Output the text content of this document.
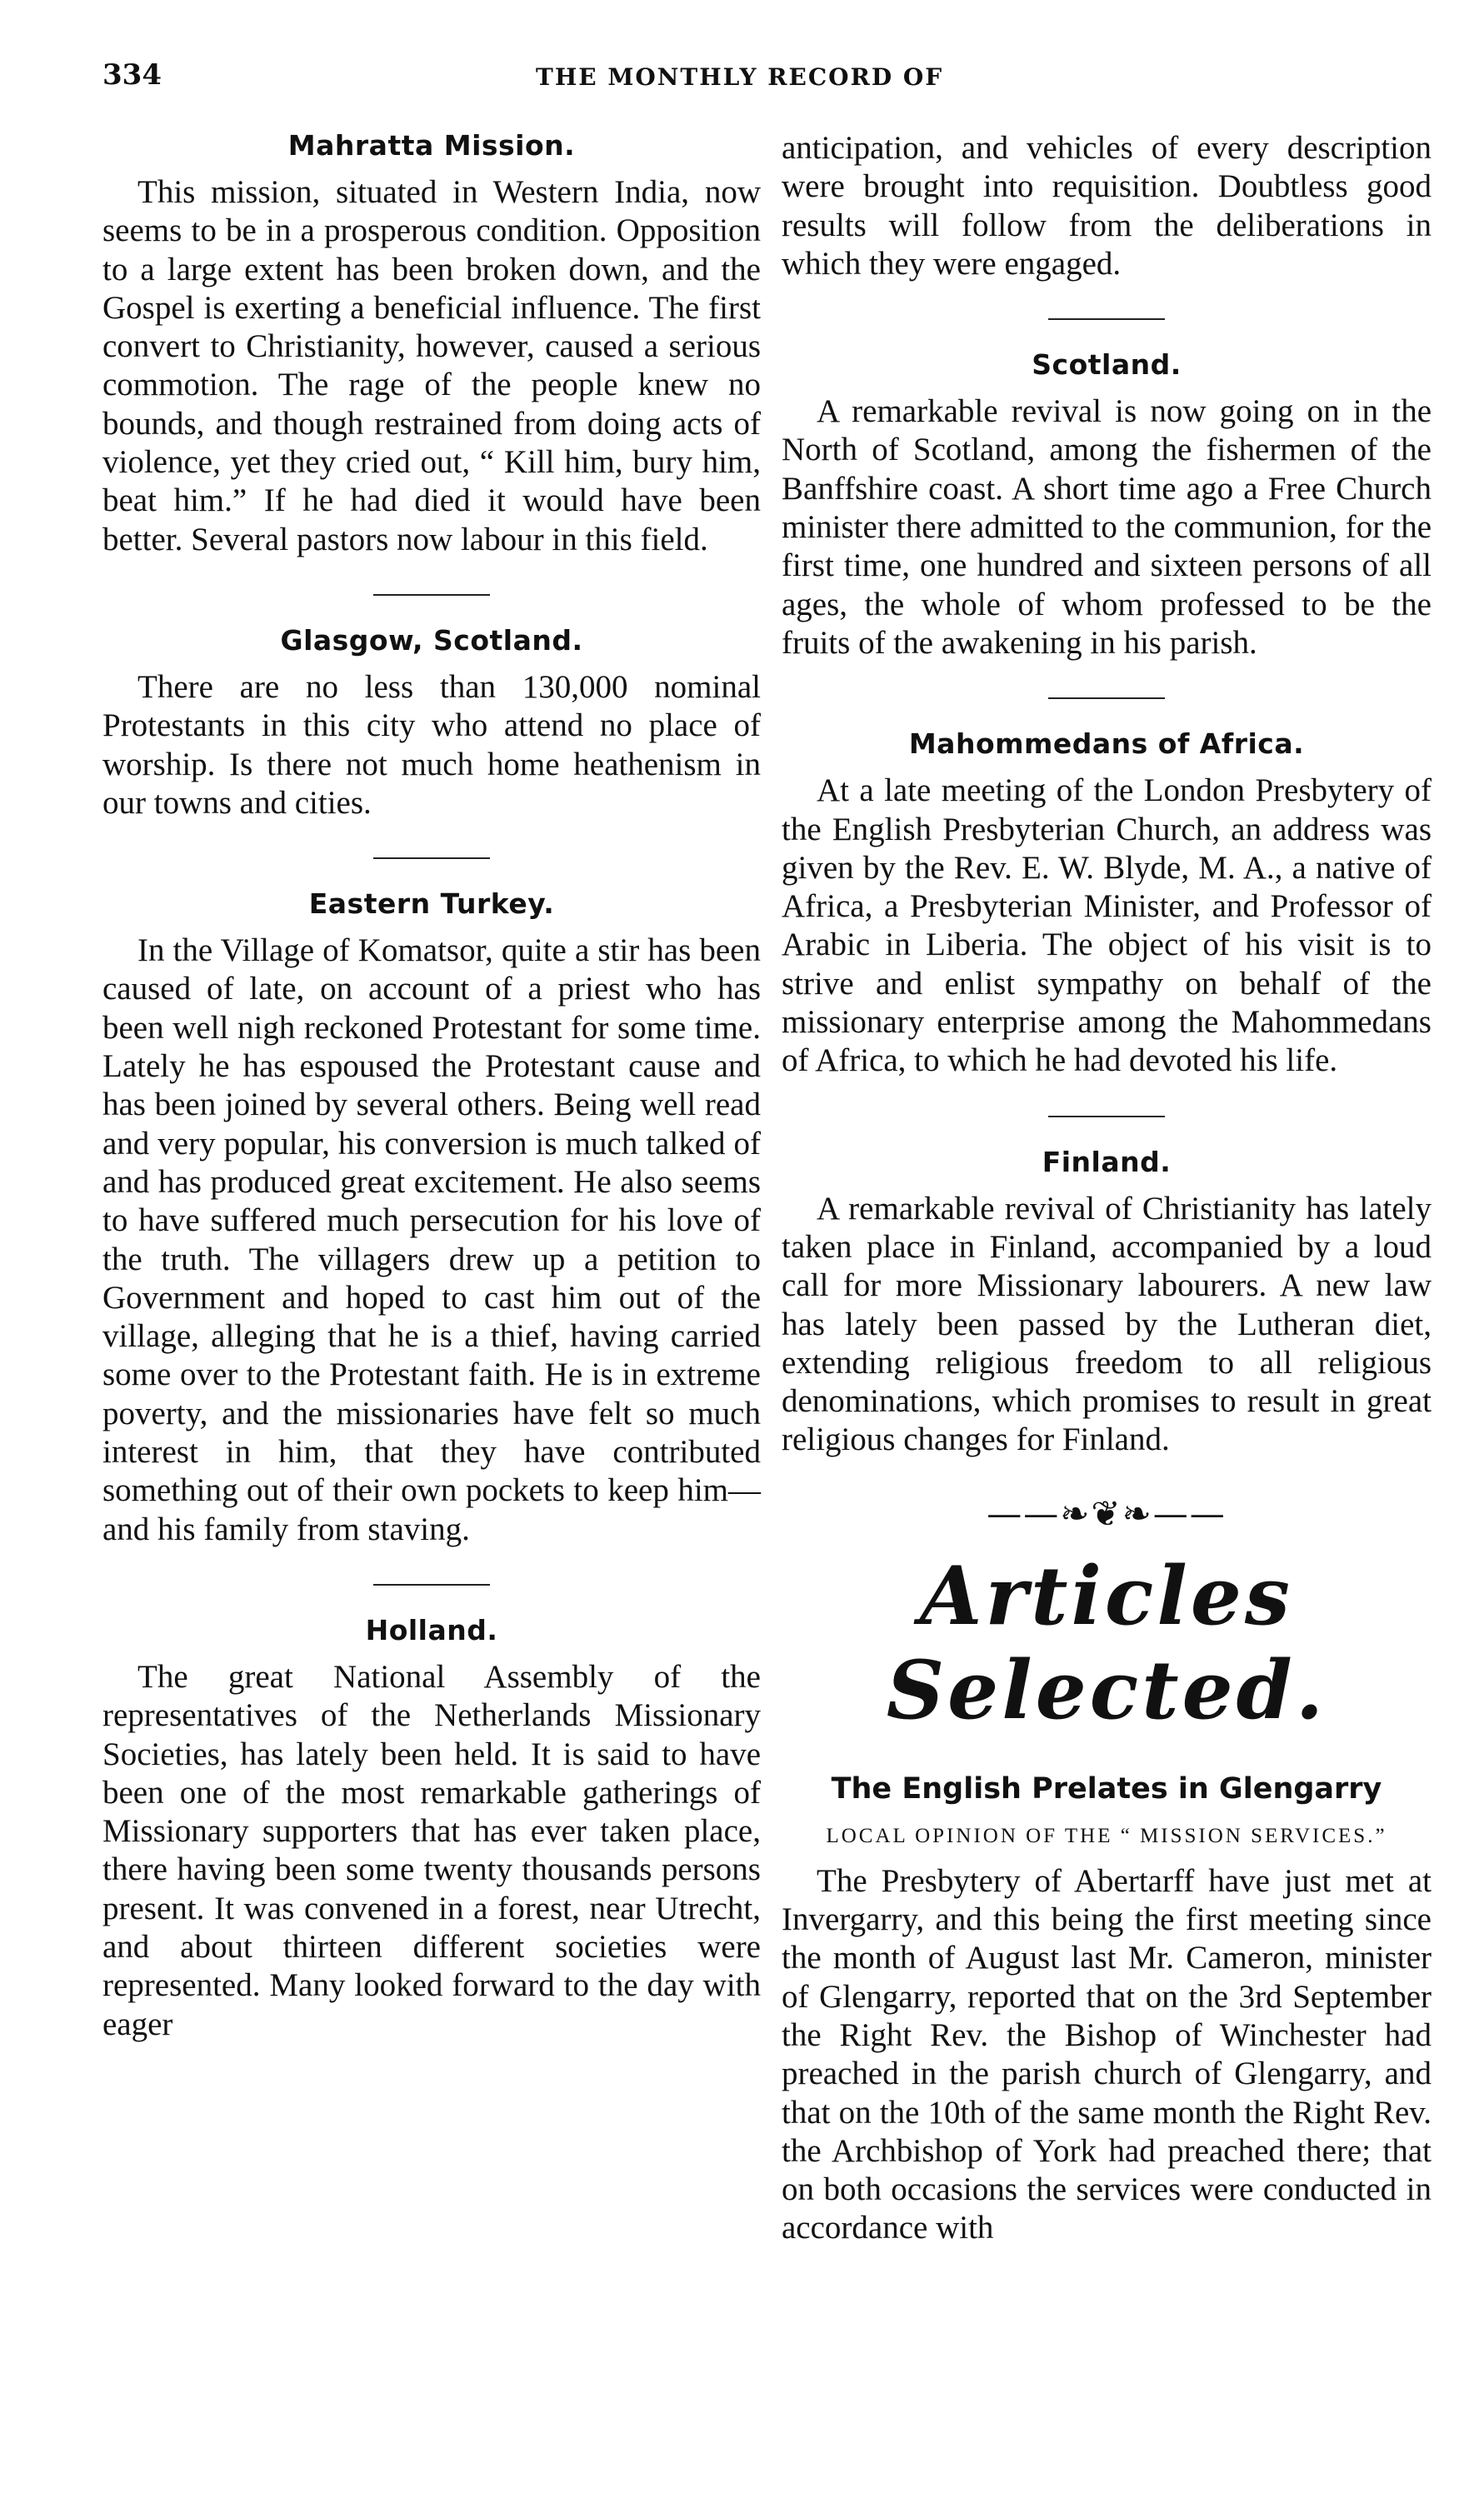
334	THE MONTHLY RECORD OF
Mahratta Mission.

This mission, situated in Western India, now seems to be in a prosperous condition. Opposition to a large extent has been broken down, and the Gospel is exerting a beneficial influence. The first convert to Christianity, however, caused a serious commotion. The rage of the people knew no bounds, and though restrained from doing acts of violence, yet they cried out, “ Kill him, bury him, beat him.” If he had died it would have been better. Several pastors now labour in this field.

Glasgow, Scotland.

There are no less than 130,000 nominal Protestants in this city who attend no place of worship. Is there not much home heathenism in our towns and cities.

Eastern Turkey.

In the Village of Komatsor, quite a stir has been caused of late, on account of a priest who has been well nigh reckoned Protestant for some time. Lately he has espoused the Protestant cause and has been joined by several others. Being well read and very popular, his conversion is much talked of and has produced great excitement. He also seems to have suffered much persecution for his love of the truth. The villagers drew up a petition to Government and hoped to cast him out of the village, alleging that he is a thief, having carried some over to the Protestant faith. He is in extreme poverty, and the missionaries have felt so much interest in him, that they have contributed something out of their own pockets to keep him—and his family from staving.

Holland.

The great National Assembly of the representatives of the Netherlands Missionary Societies, has lately been held. It is said to have been one of the most remarkable gatherings of Missionary supporters that has ever taken place, there having been some twenty thousands persons present. It was convened in a forest, near Utrecht, and about thirteen different societies were represented. Many looked forward to the day with eager

anticipation, and vehicles of every description were brought into requisition. Doubtless good results will follow from the deliberations in which they were engaged.

Scotland.

A remarkable revival is now going on in the North of Scotland, among the fishermen of the Banffshire coast. A short time ago a Free Church minister there admitted to the communion, for the first time, one hundred and sixteen persons of all ages, the whole of whom professed to be the fruits of the awakening in his parish.

Mahommedans of Africa.

At a late meeting of the London Presbytery of the English Presbyterian Church, an address was given by the Rev. E. W. Blyde, M. A., a native of Africa, a Presbyterian Minister, and Professor of Arabic in Liberia. The object of his visit is to strive and enlist sympathy on behalf of the missionary enterprise among the Mahommedans of Africa, to which he had devoted his life.

Finland.

A remarkable revival of Christianity has lately taken place in Finland, accompanied by a loud call for more Missionary labourers. A new law has lately been passed by the Lutheran diet, extending religious freedom to all religious denominations, which promises to result in great religious changes for Finland.

——❧❦❧——
Articles Selected.
The English Prelates in Glengarry
LOCAL OPINION OF THE “ MISSION SERVICES.”

The Presbytery of Abertarff have just met at Invergarry, and this being the first meeting since the month of August last Mr. Cameron, minister of Glengarry, reported that on the 3rd September the Right Rev. the Bishop of Winchester had preached in the parish church of Glengarry, and that on the 10th of the same month the Right Rev. the Archbishop of York had preached there; that on both occasions the services were conducted in accordance with
